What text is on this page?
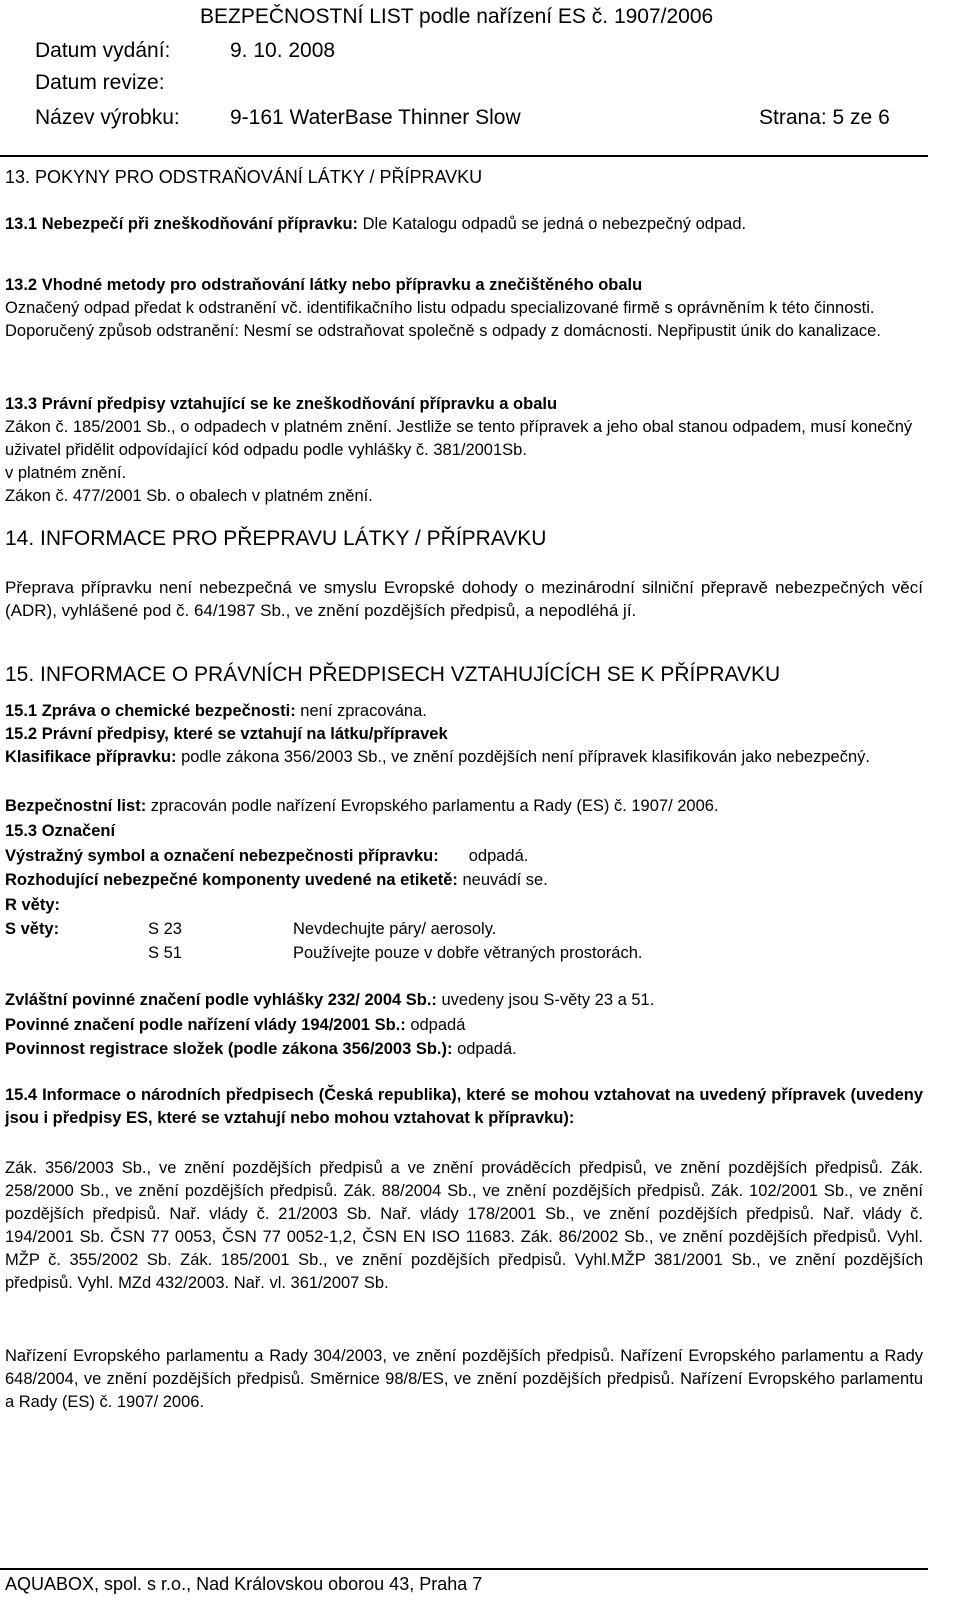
BEZPEČNOSTNÍ LIST podle nařízení ES č. 1907/2006
Datum vydání:	9. 10. 2008
Datum revize:
Název výrobku: 9-161 WaterBase Thinner Slow	Strana: 5 ze 6
13. POKYNY PRO ODSTRAŇOVÁNÍ LÁTKY / PŘÍPRAVKU
13.1 Nebezpečí při zneškodňování přípravku: Dle Katalogu odpadů se jedná o nebezpečný odpad.
13.2 Vhodné metody pro odstraňování látky nebo přípravku a znečištěného obalu
Označený odpad předat k odstranění vč. identifikačního listu odpadu specializované firmě s oprávněním k této činnosti. Doporučený způsob odstranění: Nesmí se odstraňovat společně s odpady z domácnosti. Nepřipustit únik do kanalizace.
13.3 Právní předpisy vztahující se ke zneškodňování přípravku a obalu
Zákon č. 185/2001 Sb., o odpadech v platném znění. Jestliže se tento přípravek a jeho obal stanou odpadem, musí konečný uživatel přidělit odpovídající kód odpadu podle vyhlášky č. 381/2001Sb.
v platném znění.
Zákon č. 477/2001 Sb. o obalech v platném znění.
14. INFORMACE PRO PŘEPRAVU LÁTKY / PŘÍPRAVKU
Přeprava přípravku není nebezpečná ve smyslu Evropské dohody o mezinárodní silniční přepravě nebezpečných věcí (ADR), vyhlášené pod č. 64/1987 Sb., ve znění pozdějších předpisů, a nepodléhá jí.
15. INFORMACE O PRÁVNÍCH PŘEDPISECH VZTAHUJÍCÍCH SE K PŘÍPRAVKU
15.1 Zpráva o chemické bezpečnosti: není zpracována.
15.2 Právní předpisy, které se vztahují na látku/přípravek
Klasifikace přípravku: podle zákona 356/2003 Sb., ve znění pozdějších není přípravek klasifikován jako nebezpečný.
Bezpečnostní list: zpracován podle nařízení Evropského parlamentu a Rady (ES) č. 1907/ 2006.
15.3 Označení
Výstražný symbol a označení nebezpečnosti přípravku: odpadá.
Rozhodující nebezpečné komponenty uvedené na etiketě: neuvádí se.
R věty:
S věty:	S 23	Nevdechujte páry/ aerosoly.
S 51	Používejte pouze v dobře větraných prostorách.
Zvláštní povinné značení podle vyhlášky 232/ 2004 Sb.: uvedeny jsou S-věty 23 a 51.
Povinné značení podle nařízení vlády 194/2001 Sb.: odpadá
Povinnost registrace složek (podle zákona 356/2003 Sb.): odpadá.
15.4 Informace o národních předpisech (Česká republika), které se mohou vztahovat na uvedený přípravek (uvedeny jsou i předpisy ES, které se vztahují nebo mohou vztahovat k přípravku):
Zák. 356/2003 Sb., ve znění pozdějších předpisů a ve znění prováděcích předpisů, ve znění pozdějších předpisů. Zák. 258/2000 Sb., ve znění pozdějších předpisů. Zák. 88/2004 Sb., ve znění pozdějších předpisů. Zák. 102/2001 Sb., ve znění pozdějších předpisů. Nař. vlády č. 21/2003 Sb. Nař. vlády 178/2001 Sb., ve znění pozdějších předpisů. Nař. vlády č. 194/2001 Sb. ČSN 77 0053, ČSN 77 0052-1,2, ČSN EN ISO 11683. Zák. 86/2002 Sb., ve znění pozdějších předpisů. Vyhl. MŽP č. 355/2002 Sb. Zák. 185/2001 Sb., ve znění pozdějších předpisů. Vyhl.MŽP 381/2001 Sb., ve znění pozdějších předpisů. Vyhl. MZd 432/2003. Nař. vl. 361/2007 Sb.
Nařízení Evropského parlamentu a Rady 304/2003, ve znění pozdějších předpisů. Nařízení Evropského parlamentu a Rady 648/2004, ve znění pozdějších předpisů. Směrnice 98/8/ES, ve znění pozdějších předpisů. Nařízení Evropského parlamentu a Rady (ES) č. 1907/ 2006.
AQUABOX, spol. s r.o., Nad Královskou oborou 43, Praha 7
